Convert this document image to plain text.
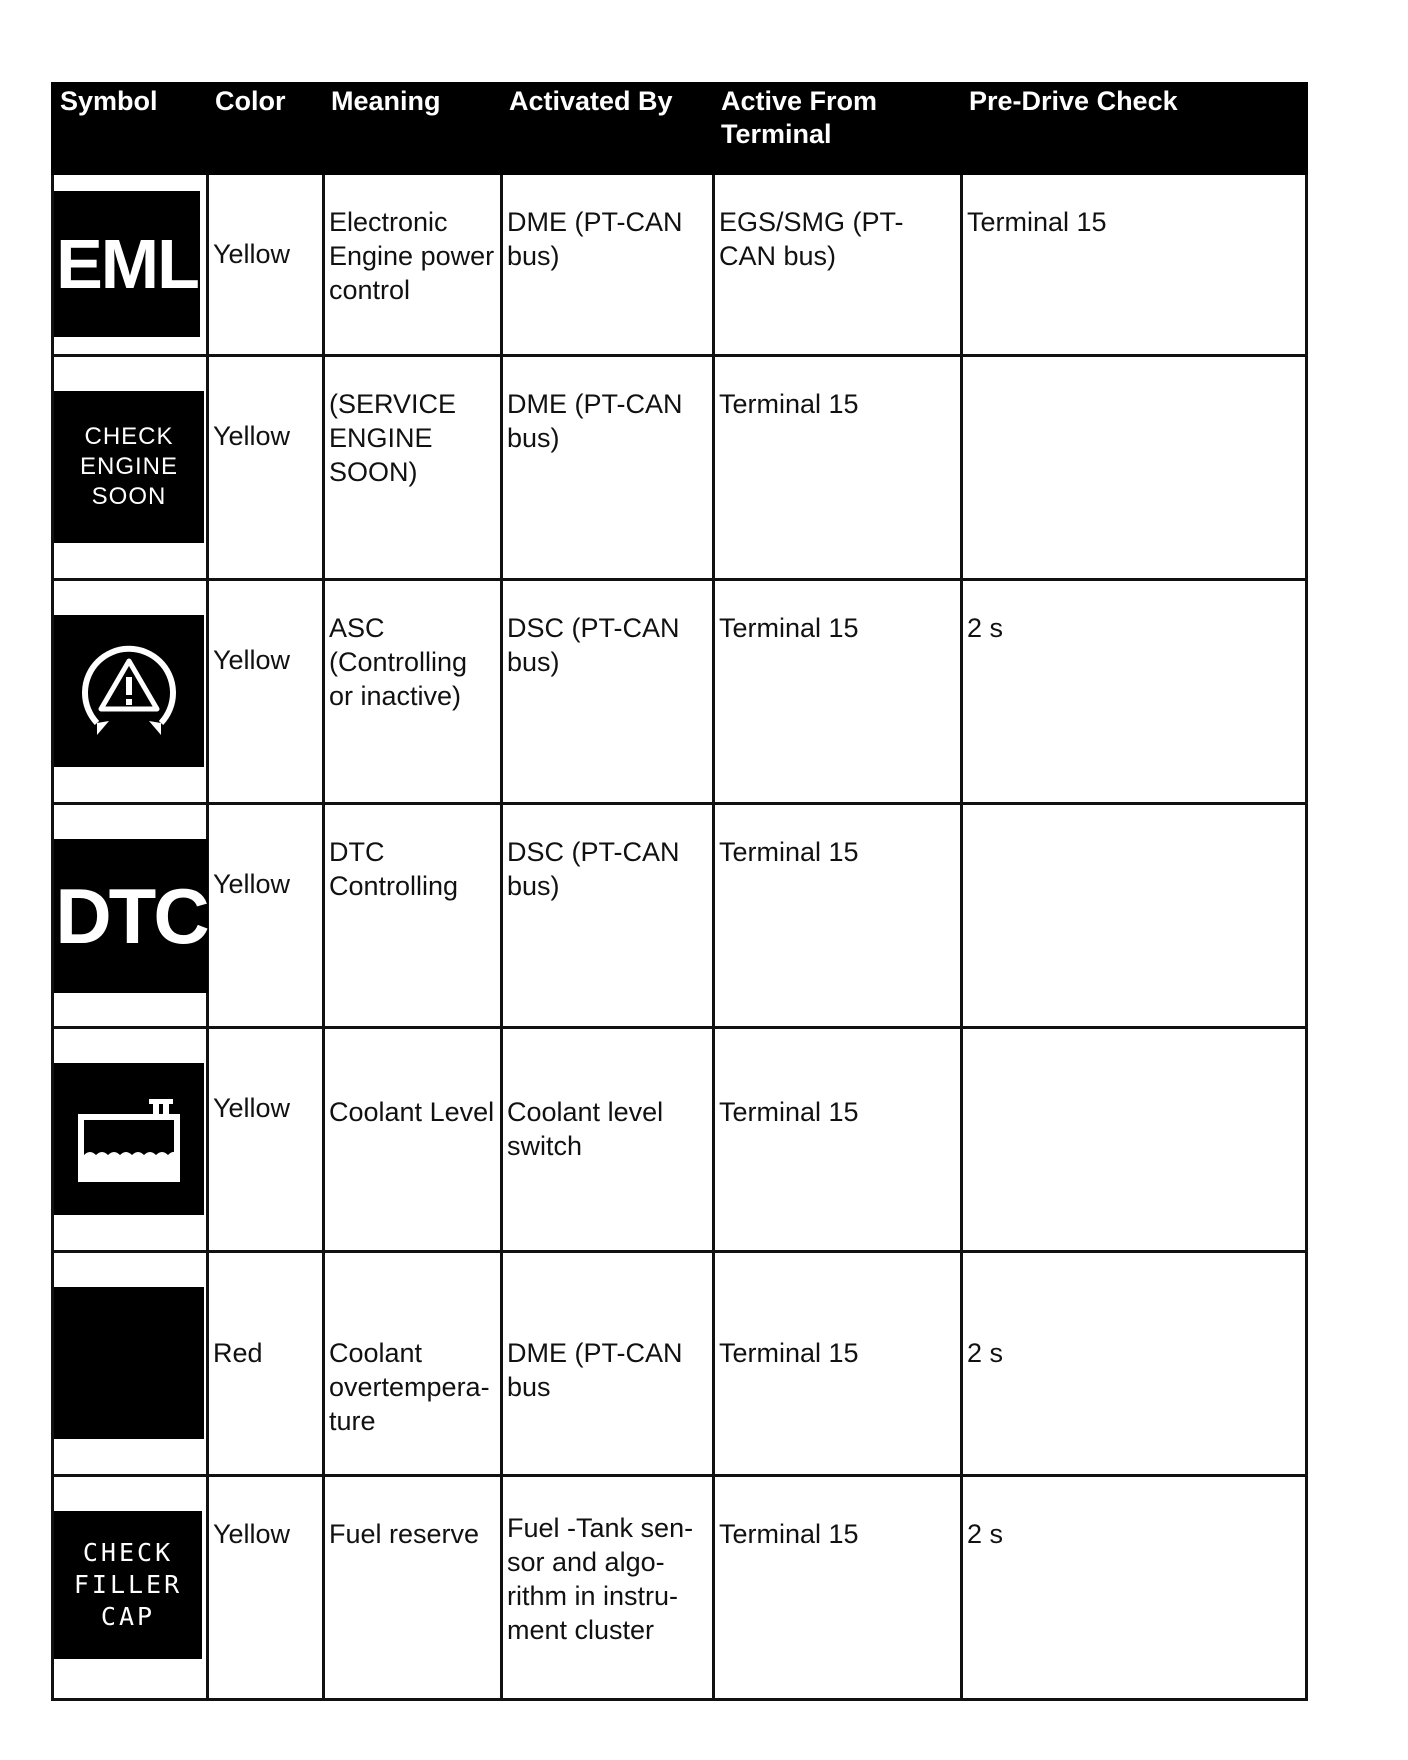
Symbol	Color	Meaning	Activated By	Active From Terminal	Pre-Drive Check

EML	Yellow	Electronic Engine power control	DME (PT-CAN bus)	EGS/SMG (PT-CAN bus)	Terminal 15

CHECK
ENGINE
SOON	Yellow	(SERVICE ENGINE SOON)	DME (PT-CAN bus)	Terminal 15	

	Yellow	ASC (Controlling or inactive)	DSC (PT-CAN bus)	Terminal 15	2 s

DTC	Yellow	DTC Controlling	DSC (PT-CAN bus)	Terminal 15	

	Yellow	Coolant Level	Coolant level switch	Terminal 15	

	Red	Coolant overtempera- ture	DME (PT-CAN bus	Terminal 15	2 s

CHECK
FILLER
CAP	Yellow	Fuel reserve	Fuel -Tank sen- sor and algo- rithm in instru- ment cluster	Terminal 15	2 s
